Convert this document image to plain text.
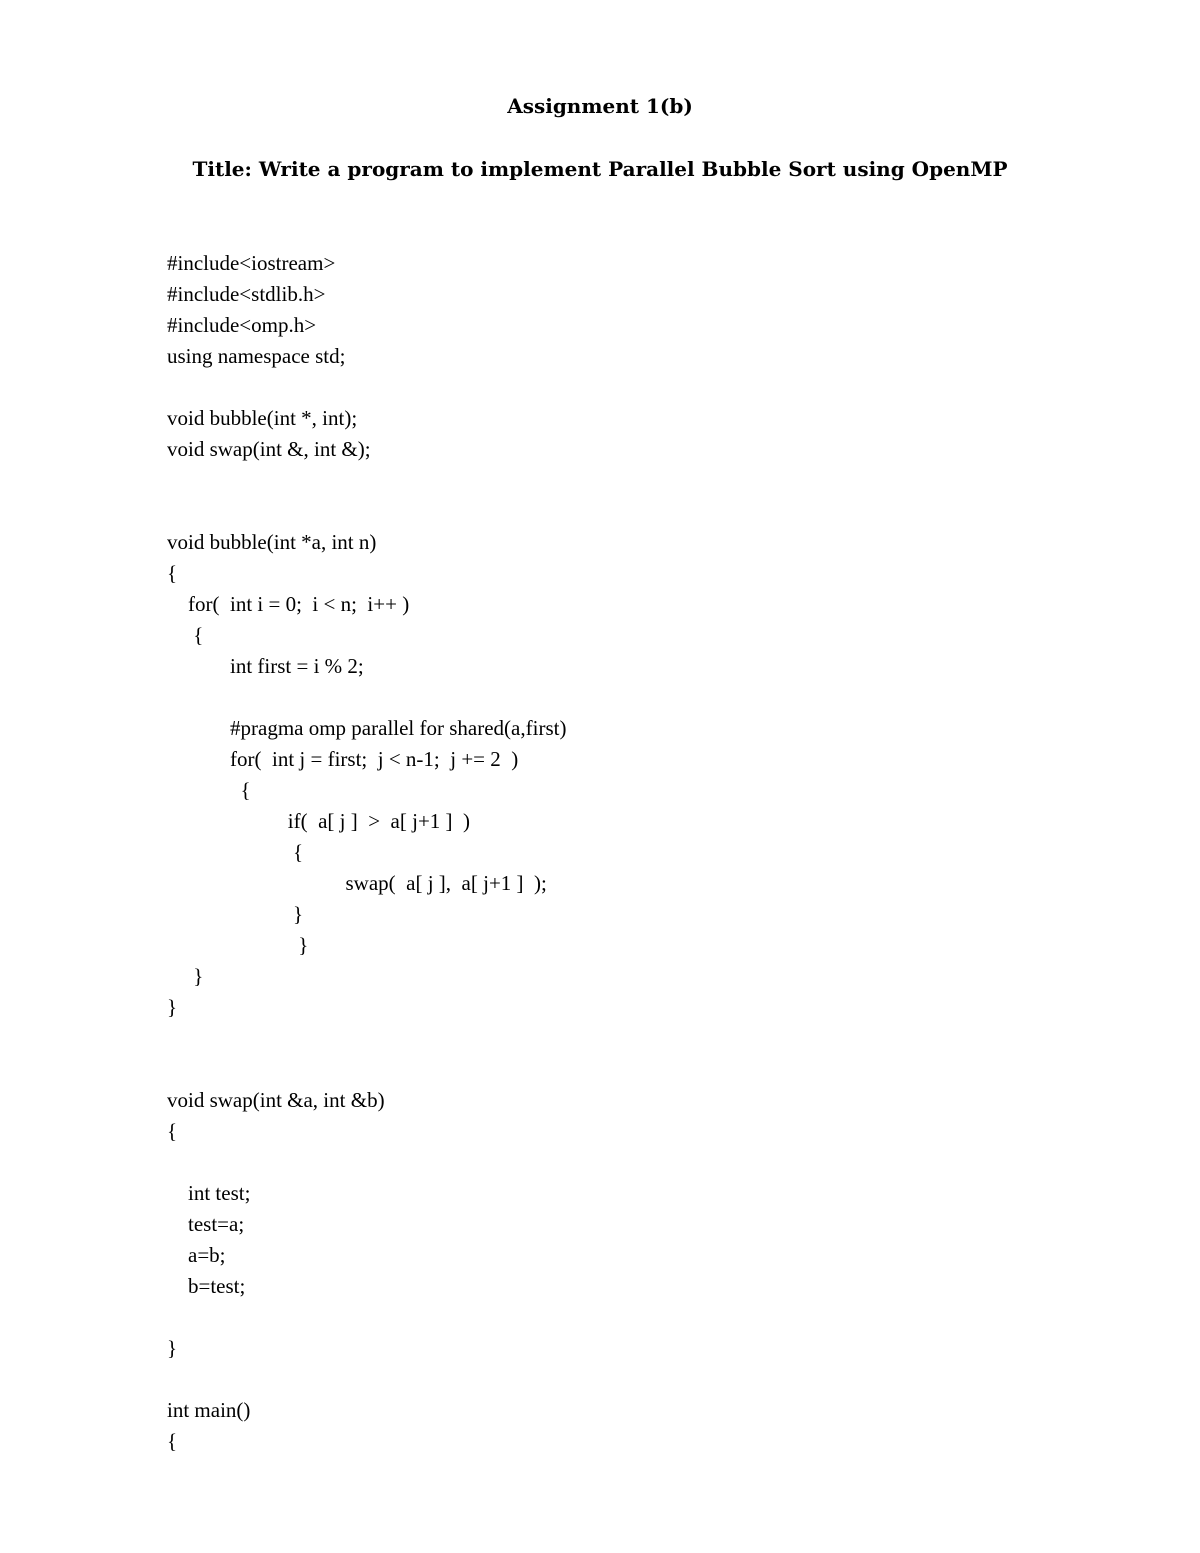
Assignment 1(b)
Title: Write a program to implement Parallel Bubble Sort using OpenMP
#include<iostream>
#include<stdlib.h>
#include<omp.h>
using namespace std;
void bubble(int *, int);
void swap(int &, int &);
void bubble(int *a, int n)
{
for(  int i = 0;  i < n;  i++ )
{
int first = i % 2;
#pragma omp parallel for shared(a,first)
for(  int j = first;  j < n-1;  j += 2  )
{
if(  a[ j ]  >  a[ j+1 ]  )
{
swap(  a[ j ],  a[ j+1 ]  );
}
}
}
}
void swap(int &a, int &b)
{
int test;
test=a;
a=b;
b=test;
}
int main()
{
